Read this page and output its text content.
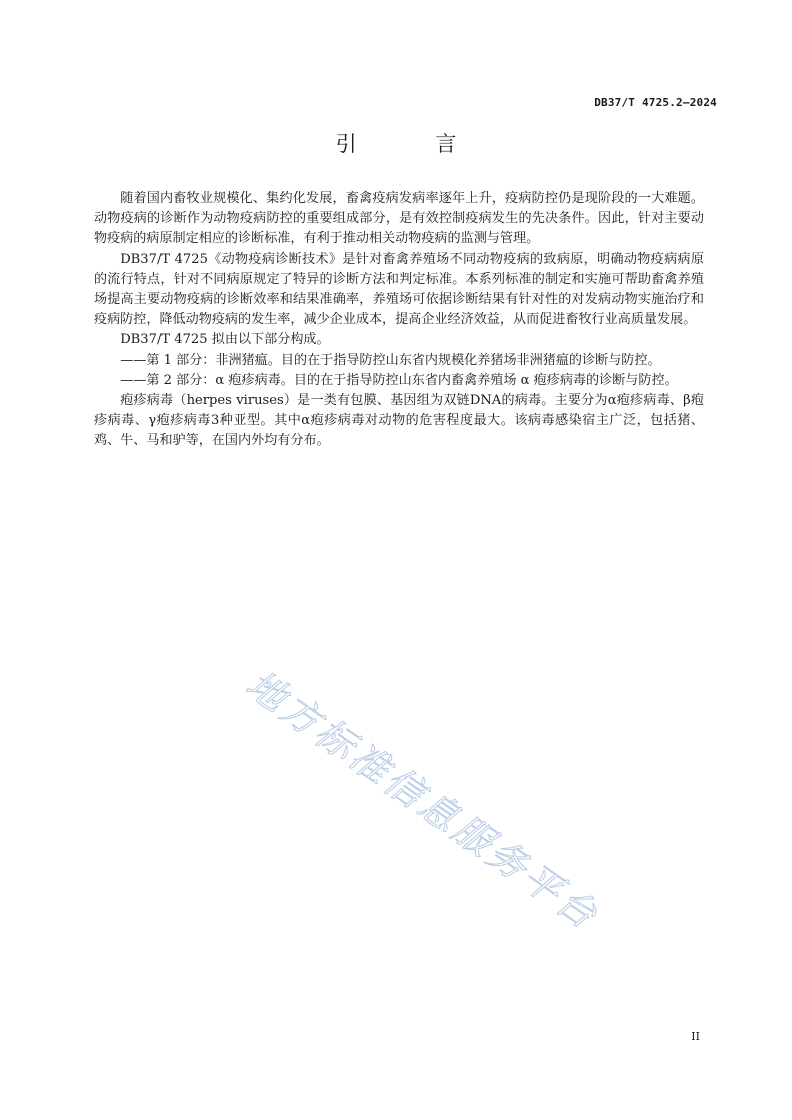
DB37/T 4725.2—2024
引 言

随着国内畜牧业规模化、集约化发展，畜禽疫病发病率逐年上升，疫病防控仍是现阶段的一大难题。动物疫病的诊断作为动物疫病防控的重要组成部分，是有效控制疫病发生的先决条件。因此，针对主要动物疫病的病原制定相应的诊断标准，有利于推动相关动物疫病的监测与管理。

DB37/T 4725《动物疫病诊断技术》是针对畜禽养殖场不同动物疫病的致病原，明确动物疫病病原的流行特点，针对不同病原规定了特异的诊断方法和判定标准。本系列标准的制定和实施可帮助畜禽养殖场提高主要动物疫病的诊断效率和结果准确率，养殖场可依据诊断结果有针对性的对发病动物实施治疗和疫病防控，降低动物疫病的发生率，减少企业成本，提高企业经济效益，从而促进畜牧行业高质量发展。

DB37/T 4725 拟由以下部分构成。

——第 1 部分：非洲猪瘟。目的在于指导防控山东省内规模化养猪场非洲猪瘟的诊断与防控。

——第 2 部分：α 疱疹病毒。目的在于指导防控山东省内畜禽养殖场 α 疱疹病毒的诊断与防控。

疱疹病毒（herpes viruses）是一类有包膜、基因组为双链DNA的病毒。主要分为α疱疹病毒、β疱疹病毒、γ疱疹病毒3种亚型。其中α疱疹病毒对动物的危害程度最大。该病毒感染宿主广泛，包括猪、鸡、牛、马和驴等，在国内外均有分布。

地方标准信息服务平台
II
